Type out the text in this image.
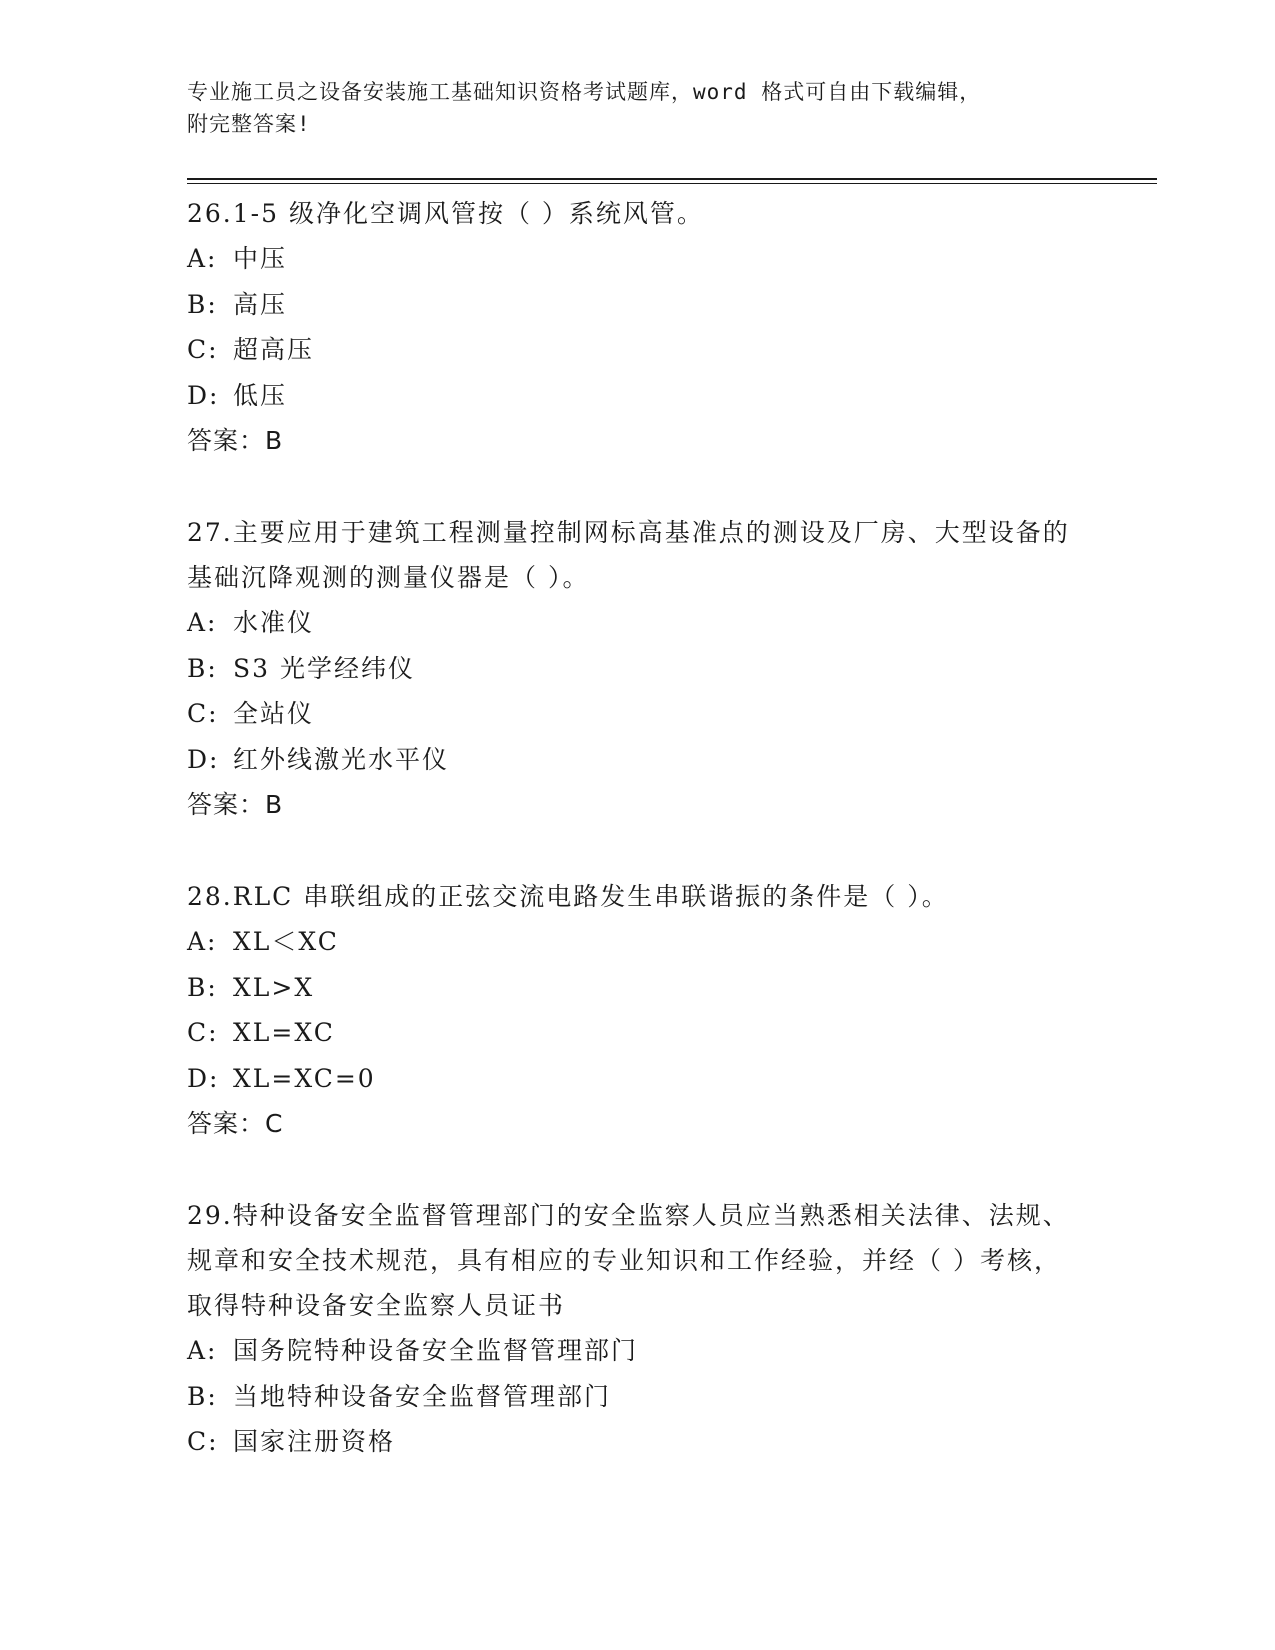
专业施工员之设备安装施工基础知识资格考试题库，word 格式可自由下载编辑，
附完整答案!

26.1-5 级净化空调风管按（ ）系统风管。

A: 中压
B: 高压
C: 超高压
D: 低压
答案：B

27.主要应用于建筑工程测量控制网标高基准点的测设及厂房、大型设备的基础沉降观测的测量仪器是（ ）。

A: 水准仪
B: S3 光学经纬仪
C: 全站仪
D: 红外线激光水平仪
答案：B

28.RLC 串联组成的正弦交流电路发生串联谐振的条件是（ ）。

A: XL＜XC
B: XL>X
C: XL=XC
D: XL=XC=0
答案：C

29.特种设备安全监督管理部门的安全监察人员应当熟悉相关法律、法规、规章和安全技术规范，具有相应的专业知识和工作经验，并经（ ）考核，取得特种设备安全监察人员证书

A: 国务院特种设备安全监督管理部门
B: 当地特种设备安全监督管理部门
C: 国家注册资格
